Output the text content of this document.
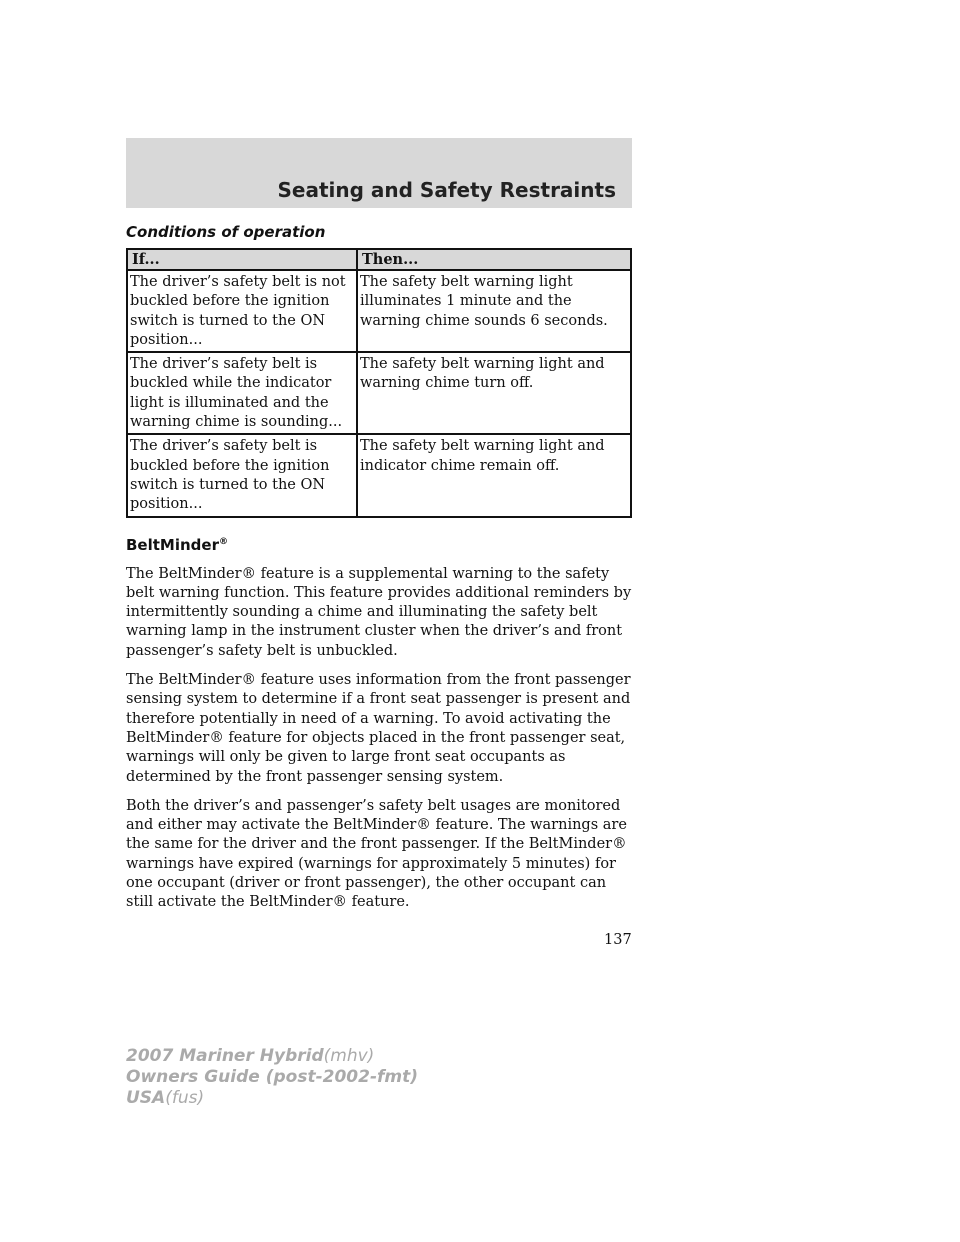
Seating and Safety Restraints
Conditions of operation
If...	Then...
The driver’s safety belt is not buckled before the ignition switch is turned to the ON position...	The safety belt warning light illuminates 1 minute and the warning chime sounds 6 seconds.
The driver’s safety belt is buckled while the indicator light is illuminated and the warning chime is sounding...	The safety belt warning light and warning chime turn off.
The driver’s safety belt is buckled before the ignition switch is turned to the ON position...	The safety belt warning light and indicator chime remain off.
BeltMinder®

The BeltMinder® feature is a supplemental warning to the safety belt warning function. This feature provides additional reminders by intermittently sounding a chime and illuminating the safety belt warning lamp in the instrument cluster when the driver’s and front passenger’s safety belt is unbuckled.

The BeltMinder® feature uses information from the front passenger sensing system to determine if a front seat passenger is present and therefore potentially in need of a warning. To avoid activating the BeltMinder® feature for objects placed in the front passenger seat, warnings will only be given to large front seat occupants as determined by the front passenger sensing system.

Both the driver’s and passenger’s safety belt usages are monitored and either may activate the BeltMinder® feature. The warnings are the same for the driver and the front passenger. If the BeltMinder® warnings have expired (warnings for approximately 5 minutes) for one occupant (driver or front passenger), the other occupant can still activate the BeltMinder® feature.

137
2007 Mariner Hybrid(mhv)
Owners Guide (post-2002-fmt)
USA(fus)
